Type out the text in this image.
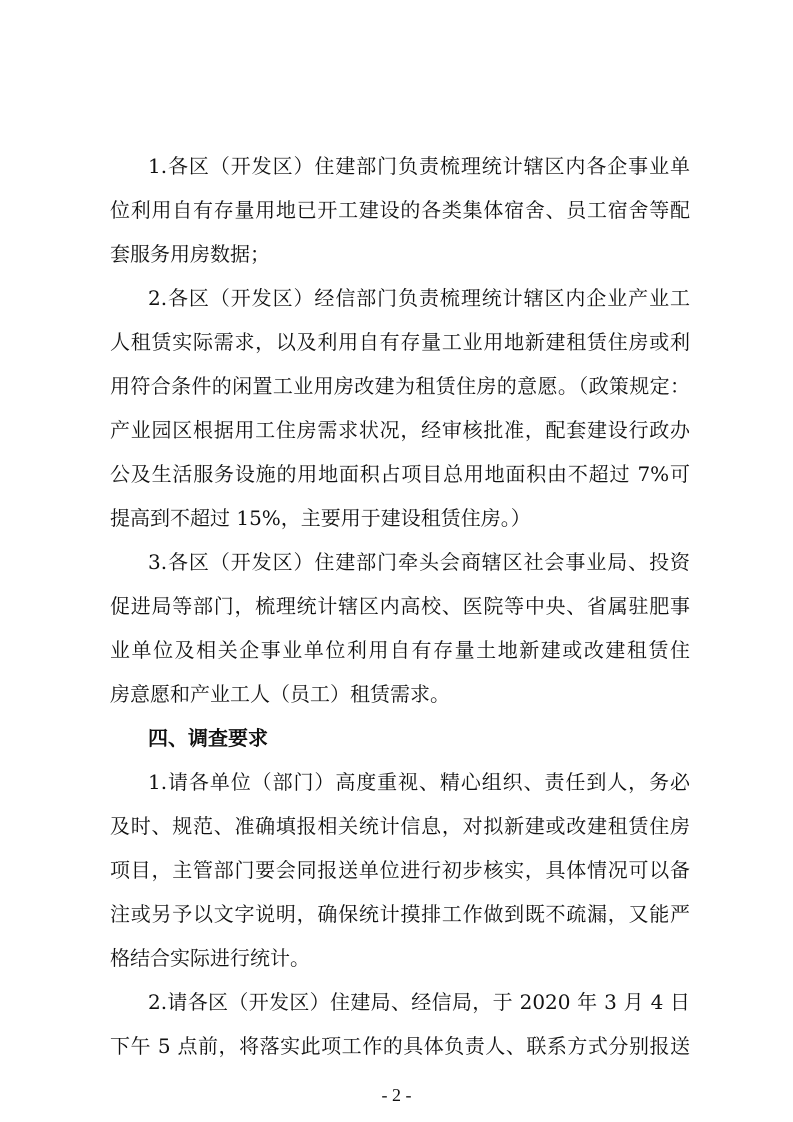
1.各区（开发区）住建部门负责梳理统计辖区内各企事业单
位利用自有存量用地已开工建设的各类集体宿舍、员工宿舍等配
套服务用房数据；
2.各区（开发区）经信部门负责梳理统计辖区内企业产业工
人租赁实际需求，以及利用自有存量工业用地新建租赁住房或利
用符合条件的闲置工业用房改建为租赁住房的意愿。（政策规定：
产业园区根据用工住房需求状况，经审核批准，配套建设行政办
公及生活服务设施的用地面积占项目总用地面积由不超过 7%可
提高到不超过 15%，主要用于建设租赁住房。）
3.各区（开发区）住建部门牵头会商辖区社会事业局、投资
促进局等部门，梳理统计辖区内高校、医院等中央、省属驻肥事
业单位及相关企事业单位利用自有存量土地新建或改建租赁住
房意愿和产业工人（员工）租赁需求。
四、调查要求
1.请各单位（部门）高度重视、精心组织、责任到人，务必
及时、规范、准确填报相关统计信息，对拟新建或改建租赁住房
项目，主管部门要会同报送单位进行初步核实，具体情况可以备
注或另予以文字说明，确保统计摸排工作做到既不疏漏，又能严
格结合实际进行统计。
2.请各区（开发区）住建局、经信局，于 2020 年 3 月 4 日
下午 5 点前，将落实此项工作的具体负责人、联系方式分别报送
- 2 -
